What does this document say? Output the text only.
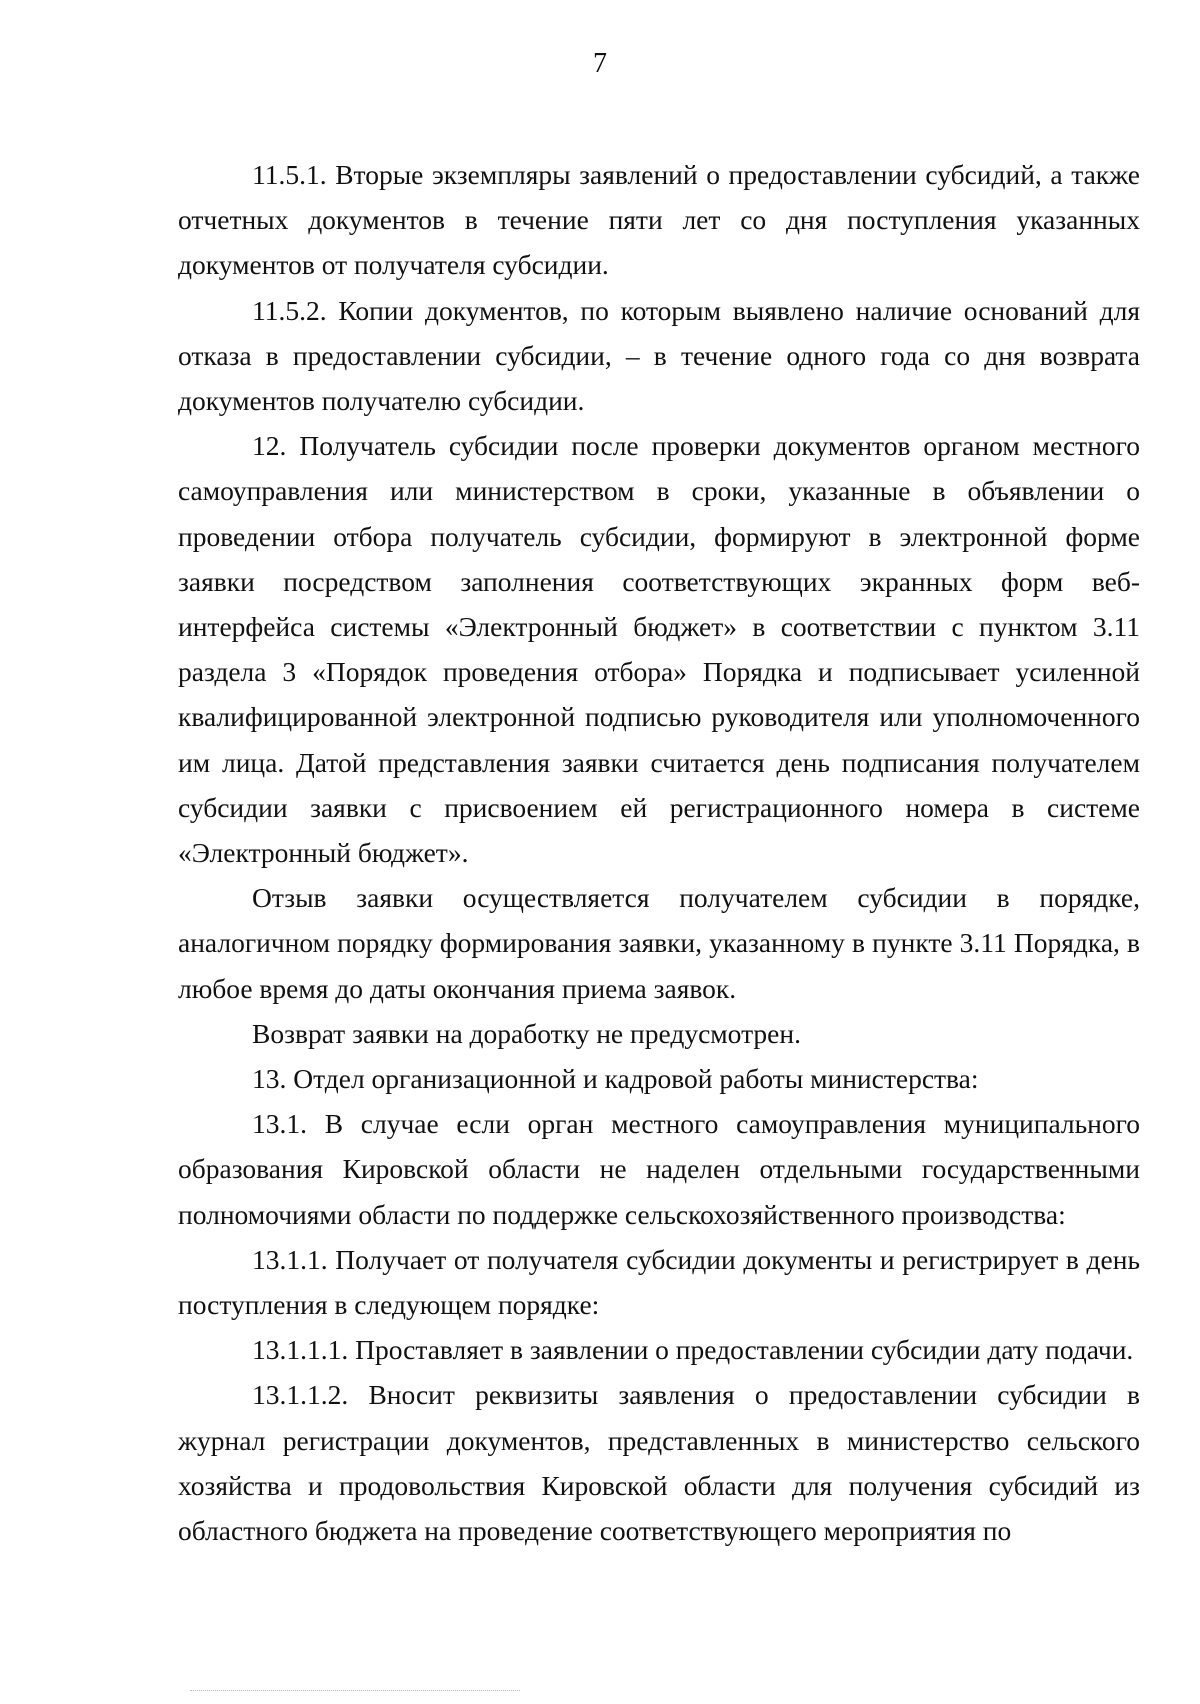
7

11.5.1. Вторые экземпляры заявлений о предоставлении субсидий, а также отчетных документов в течение пяти лет со дня поступления указанных документов от получателя субсидии.

11.5.2. Копии документов, по которым выявлено наличие оснований для отказа в предоставлении субсидии, – в течение одного года со дня возврата документов получателю субсидии.

12. Получатель субсидии после проверки документов органом местного самоуправления или министерством в сроки, указанные в объявлении о проведении отбора получатель субсидии, формируют в электронной форме заявки посредством заполнения соответствующих экранных форм веб-интерфейса системы «Электронный бюджет» в соответствии с пунктом 3.11 раздела 3 «Порядок проведения отбора» Порядка и подписывает усиленной квалифицированной электронной подписью руководителя или уполномоченного им лица. Датой представления заявки считается день подписания получателем субсидии заявки с присвоением ей регистрационного номера в системе «Электронный бюджет».

Отзыв заявки осуществляется получателем субсидии в порядке, аналогичном порядку формирования заявки, указанному в пункте 3.11 Порядка, в любое время до даты окончания приема заявок.

Возврат заявки на доработку не предусмотрен.

13. Отдел организационной и кадровой работы министерства:

13.1. В случае если орган местного самоуправления муниципального образования Кировской области не наделен отдельными государственными полномочиями области по поддержке сельскохозяйственного производства:

13.1.1. Получает от получателя субсидии документы и регистрирует в день поступления в следующем порядке:

13.1.1.1. Проставляет в заявлении о предоставлении субсидии дату подачи.

13.1.1.2. Вносит реквизиты заявления о предоставлении субсидии в журнал регистрации документов, представленных в министерство сельского хозяйства и продовольствия Кировской области для получения субсидий из областного бюджета на проведение соответствующего мероприятия по
